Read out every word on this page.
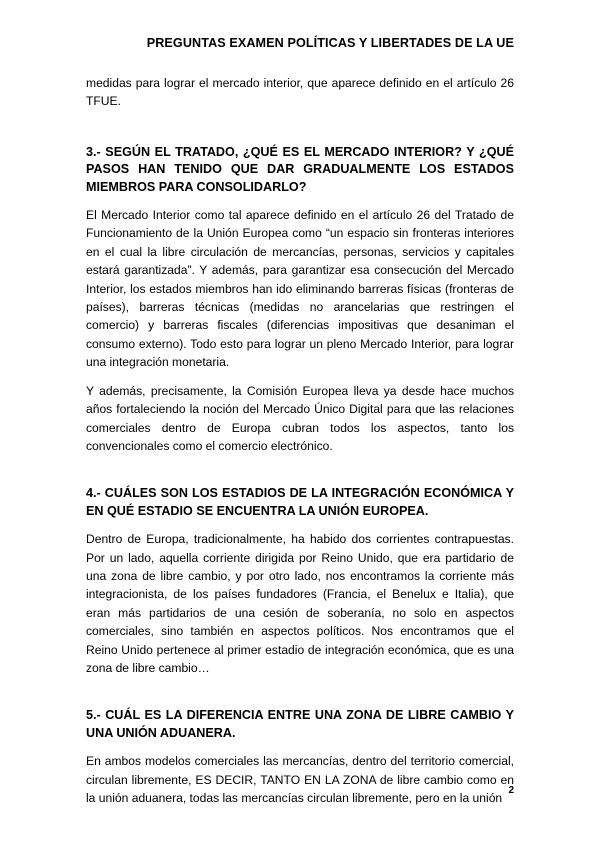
PREGUNTAS EXAMEN POLÍTICAS Y LIBERTADES DE LA UE

medidas para lograr el mercado interior, que aparece definido en el artículo 26 TFUE.

3.- SEGÚN EL TRATADO, ¿QUÉ ES EL MERCADO INTERIOR? Y ¿QUÉ PASOS HAN TENIDO QUE DAR GRADUALMENTE LOS ESTADOS MIEMBROS PARA CONSOLIDARLO?

El Mercado Interior como tal aparece definido en el artículo 26 del Tratado de Funcionamiento de la Unión Europea como “un espacio sin fronteras interiores en el cual la libre circulación de mercancías, personas, servicios y capitales estará garantizada”. Y además, para garantizar esa consecución del Mercado Interior, los estados miembros han ido eliminando barreras físicas (fronteras de países), barreras técnicas (medidas no arancelarias que restringen el comercio) y barreras fiscales (diferencias impositivas que desaniman el consumo externo). Todo esto para lograr un pleno Mercado Interior, para lograr una integración monetaria.

Y además, precisamente, la Comisión Europea lleva ya desde hace muchos años fortaleciendo la noción del Mercado Único Digital para que las relaciones comerciales dentro de Europa cubran todos los aspectos, tanto los convencionales como el comercio electrónico.

4.- CUÁLES SON LOS ESTADIOS DE LA INTEGRACIÓN ECONÓMICA Y EN QUÉ ESTADIO SE ENCUENTRA LA UNIÓN EUROPEA.

Dentro de Europa, tradicionalmente, ha habido dos corrientes contrapuestas. Por un lado, aquella corriente dirigida por Reino Unido, que era partidario de una zona de libre cambio, y por otro lado, nos encontramos la corriente más integracionista, de los países fundadores (Francia, el Benelux e Italia), que eran más partidarios de una cesión de soberanía, no solo en aspectos comerciales, sino también en aspectos políticos. Nos encontramos que el Reino Unido pertenece al primer estadio de integración económica, que es una zona de libre cambio…

5.- CUÁL ES LA DIFERENCIA ENTRE UNA ZONA DE LIBRE CAMBIO Y UNA UNIÓN ADUANERA.

En ambos modelos comerciales las mercancías, dentro del territorio comercial, circulan libremente, ES DECIR, TANTO EN LA ZONA de libre cambio como en la unión aduanera, todas las mercancías circulan libremente, pero en la unión

2
